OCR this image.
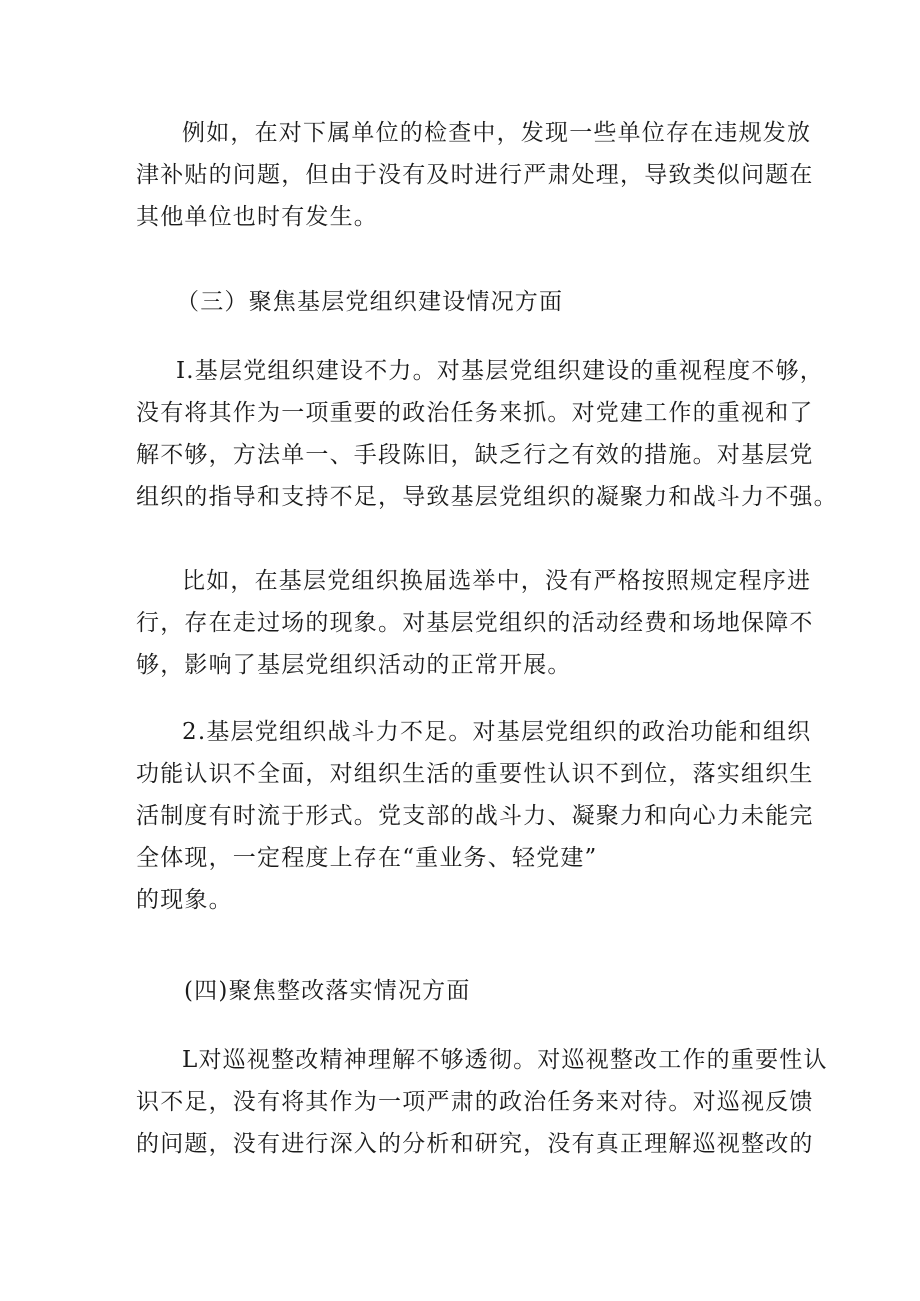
例如，在对下属单位的检查中，发现一些单位存在违规发放
津补贴的问题，但由于没有及时进行严肃处理，导致类似问题在
其他单位也时有发生。

（三）聚焦基层党组织建设情况方面

I.基层党组织建设不力。对基层党组织建设的重视程度不够，
没有将其作为一项重要的政治任务来抓。对党建工作的重视和了
解不够，方法单一、手段陈旧，缺乏行之有效的措施。对基层党
组织的指导和支持不足，导致基层党组织的凝聚力和战斗力不强。

比如，在基层党组织换届选举中，没有严格按照规定程序进
行，存在走过场的现象。对基层党组织的活动经费和场地保障不
够，影响了基层党组织活动的正常开展。

2.基层党组织战斗力不足。对基层党组织的政治功能和组织
功能认识不全面，对组织生活的重要性认识不到位，落实组织生
活制度有时流于形式。党支部的战斗力、凝聚力和向心力未能完
全体现，一定程度上存在“重业务、轻党建”
的现象。

(四)聚焦整改落实情况方面

L对巡视整改精神理解不够透彻。对巡视整改工作的重要性认
识不足，没有将其作为一项严肃的政治任务来对待。对巡视反馈
的问题，没有进行深入的分析和研究，没有真正理解巡视整改的
